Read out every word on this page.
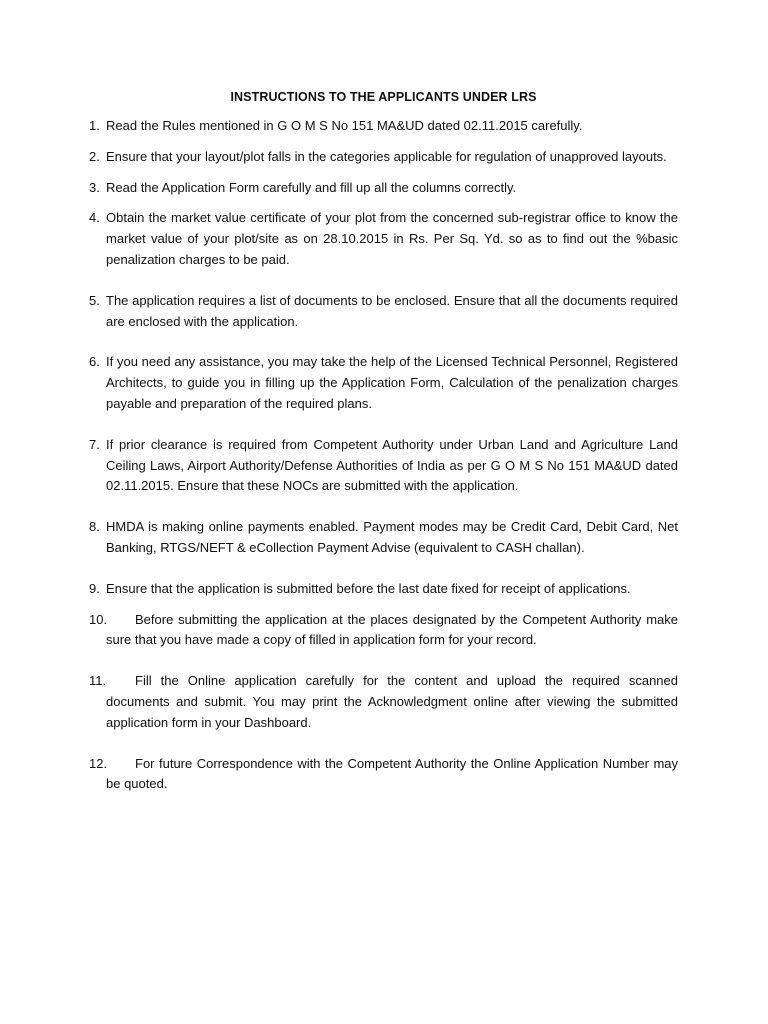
INSTRUCTIONS TO THE APPLICANTS UNDER LRS
1. Read the Rules mentioned in G O M S No 151 MA&UD dated 02.11.2015 carefully.
2. Ensure that your layout/plot falls in the categories applicable for regulation of unapproved layouts.
3. Read the Application Form carefully and fill up all the columns correctly.
4. Obtain the market value certificate of your plot from the concerned sub-registrar office to know the market value of your plot/site as on 28.10.2015 in Rs. Per Sq. Yd. so as to find out the %basic penalization charges to be paid.
5. The application requires a list of documents to be enclosed. Ensure that all the documents required are enclosed with the application.
6. If you need any assistance, you may take the help of the Licensed Technical Personnel, Registered Architects, to guide you in filling up the Application Form, Calculation of the penalization charges payable and preparation of the required plans.
7. If prior clearance is required from Competent Authority under Urban Land and Agriculture Land Ceiling Laws, Airport Authority/Defense Authorities of India as per G O M S No 151 MA&UD dated 02.11.2015. Ensure that these NOCs are submitted with the application.
8. HMDA is making online payments enabled. Payment modes may be Credit Card, Debit Card, Net Banking, RTGS/NEFT & eCollection Payment Advise (equivalent to CASH challan).
9. Ensure that the application is submitted before the last date fixed for receipt of applications.
10. Before submitting the application at the places designated by the Competent Authority make sure that you have made a copy of filled in application form for your record.
11. Fill the Online application carefully for the content and upload the required scanned documents and submit. You may print the Acknowledgment online after viewing the submitted application form in your Dashboard.
12. For future Correspondence with the Competent Authority the Online Application Number may be quoted.
